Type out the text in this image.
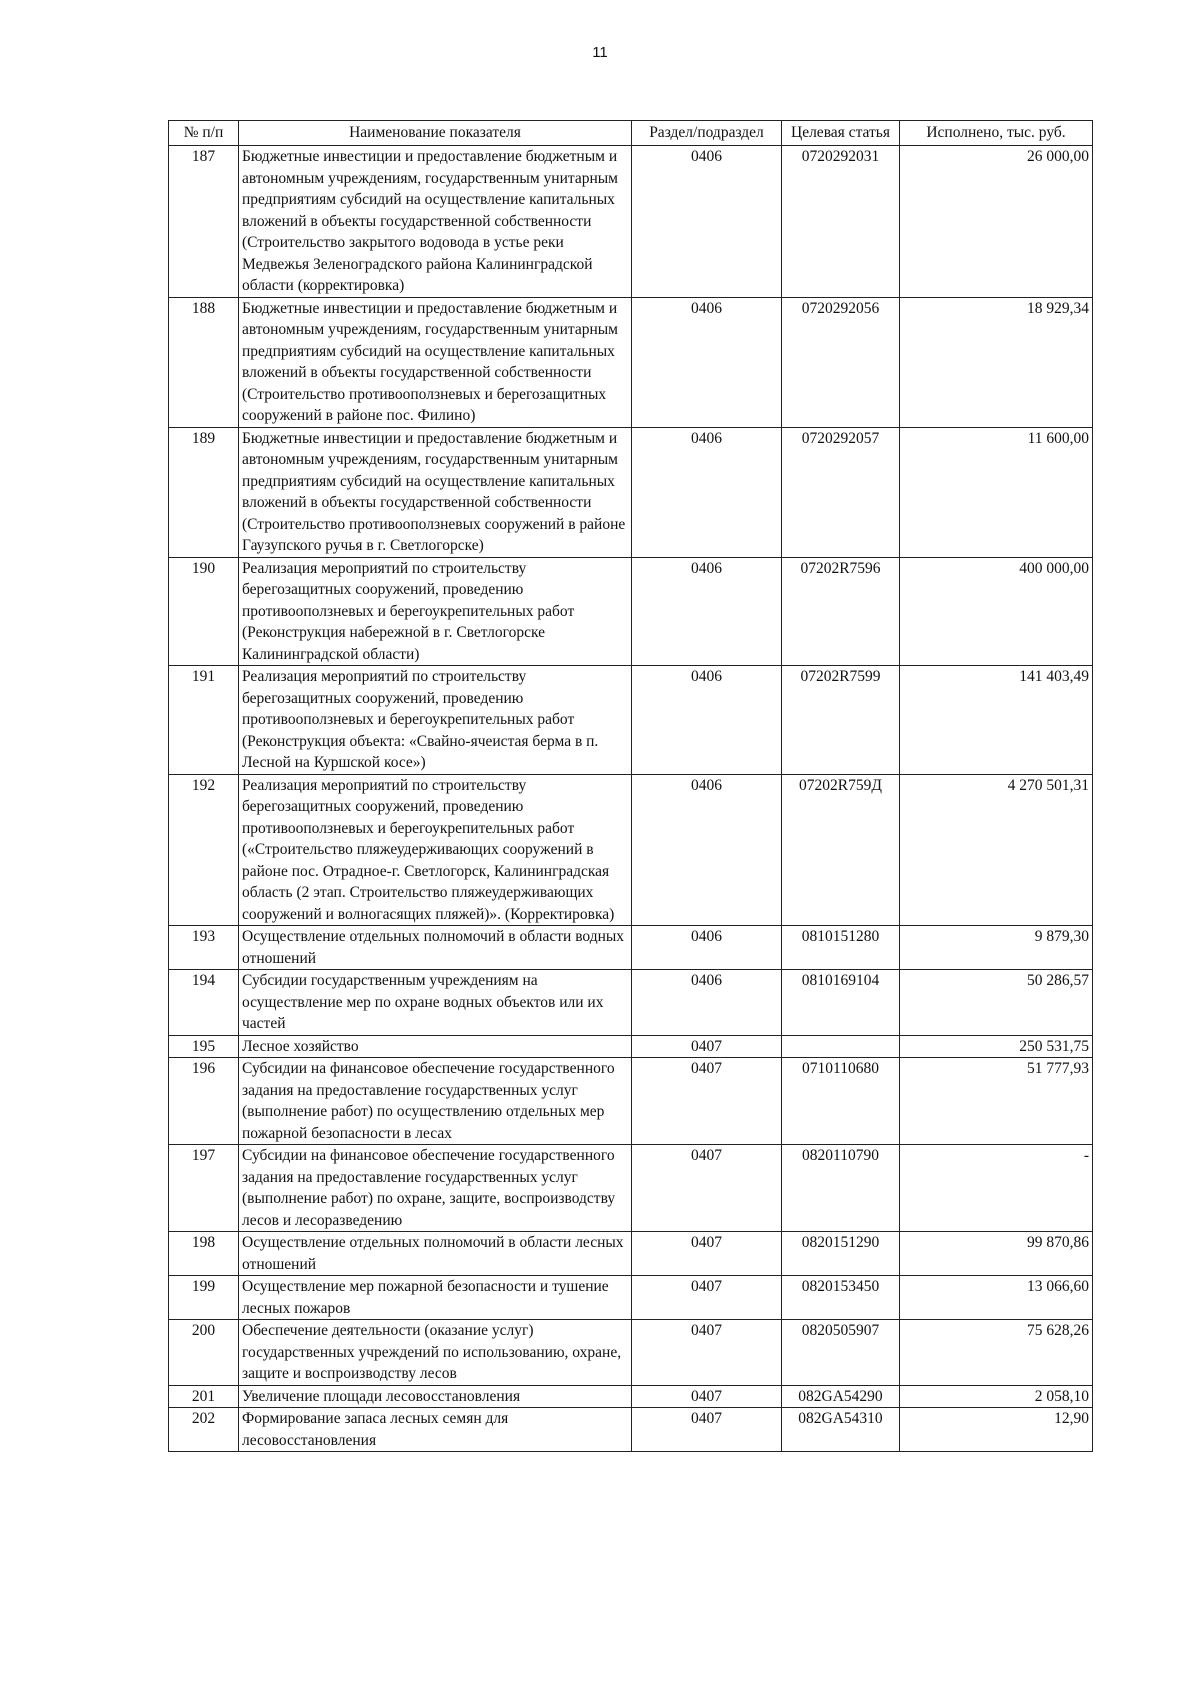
11
№ п/п	Наименование показателя	Раздел/подраздел	Целевая статья	Исполнено, тыс. руб.
187	Бюджетные инвестиции и предоставление бюджетным и автономным учреждениям, государственным унитарным предприятиям субсидий на осуществление капитальных вложений в объекты государственной собственности (Строительство закрытого водовода в устье реки Медвежья Зеленоградского района Калининградской области (корректировка)	0406	0720292031	26 000,00
188	Бюджетные инвестиции и предоставление бюджетным и автономным учреждениям, государственным унитарным предприятиям субсидий на осуществление капитальных вложений в объекты государственной собственности (Строительство противооползневых и берегозащитных сооружений в районе пос. Филино)	0406	0720292056	18 929,34
189	Бюджетные инвестиции и предоставление бюджетным и автономным учреждениям, государственным унитарным предприятиям субсидий на осуществление капитальных вложений в объекты государственной собственности (Строительство противооползневых сооружений в районе Гаузупского ручья в г. Светлогорске)	0406	0720292057	11 600,00
190	Реализация мероприятий по строительству берегозащитных сооружений, проведению противооползневых и берегоукрепительных работ (Реконструкция набережной в г. Светлогорске Калининградской области)	0406	07202R7596	400 000,00
191	Реализация мероприятий по строительству берегозащитных сооружений, проведению противооползневых и берегоукрепительных работ (Реконструкция объекта: «Свайно-ячеистая берма в п. Лесной на Куршской косе»)	0406	07202R7599	141 403,49
192	Реализация мероприятий по строительству берегозащитных сооружений, проведению противооползневых и берегоукрепительных работ («Строительство пляжеудерживающих сооружений в районе пос. Отрадное-г. Светлогорск, Калининградская область (2 этап. Строительство пляжеудерживающих сооружений и волногасящих пляжей)». (Корректировка)	0406	07202R759Д	4 270 501,31
193	Осуществление отдельных полномочий в области водных отношений	0406	0810151280	9 879,30
194	Субсидии государственным учреждениям на осуществление мер по охране водных объектов или их частей	0406	0810169104	50 286,57
195	Лесное хозяйство	0407		250 531,75
196	Субсидии на финансовое обеспечение государственного задания на предоставление государственных услуг (выполнение работ) по осуществлению отдельных мер пожарной безопасности в лесах	0407	0710110680	51 777,93
197	Субсидии на финансовое обеспечение государственного задания на предоставление государственных услуг (выполнение работ) по охране, защите, воспроизводству лесов и лесоразведению	0407	0820110790	-
198	Осуществление отдельных полномочий в области лесных отношений	0407	0820151290	99 870,86
199	Осуществление мер пожарной безопасности и тушение лесных пожаров	0407	0820153450	13 066,60
200	Обеспечение деятельности (оказание услуг) государственных учреждений по использованию, охране, защите и воспроизводству лесов	0407	0820505907	75 628,26
201	Увеличение площади лесовосстановления	0407	082GA54290	2 058,10
202	Формирование запаса лесных семян для лесовосстановления	0407	082GA54310	12,90
